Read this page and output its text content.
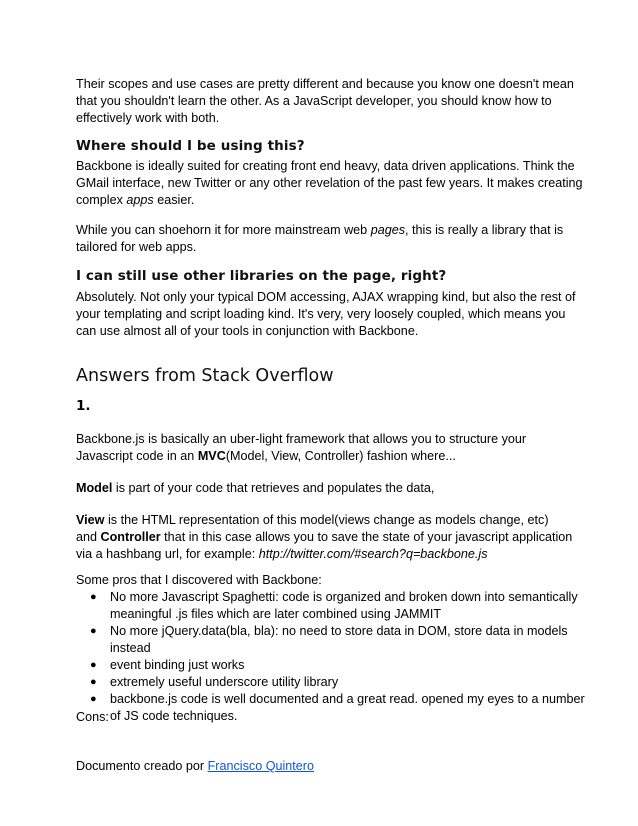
Their scopes and use cases are pretty different and because you know one doesn't mean that you shouldn't learn the other. As a JavaScript developer, you should know how to effectively work with both.

Where should I be using this?

Backbone is ideally suited for creating front end heavy, data driven applications. Think the GMail interface, new Twitter or any other revelation of the past few years. It makes creating complex apps easier.

While you can shoehorn it for more mainstream web pages, this is really a library that is tailored for web apps.

I can still use other libraries on the page, right?

Absolutely. Not only your typical DOM accessing, AJAX wrapping kind, but also the rest of your templating and script loading kind. It's very, very loosely coupled, which means you can use almost all of your tools in conjunction with Backbone.

Answers from Stack Overflow
1.

Backbone.js is basically an uber-light framework that allows you to structure your Javascript code in an MVC(Model, View, Controller) fashion where...

Model is part of your code that retrieves and populates the data,

View is the HTML representation of this model(views change as models change, etc)
and Controller that in this case allows you to save the state of your javascript application via a hashbang url, for example: http://twitter.com/#search?q=backbone.js

Some pros that I discovered with Backbone:

● No more Javascript Spaghetti: code is organized and broken down into semantically meaningful .js files which are later combined using JAMMIT
● No more jQuery.data(bla, bla): no need to store data in DOM, store data in models instead
● event binding just works
● extremely useful underscore utility library
● backbone.js code is well documented and a great read. opened my eyes to a number of JS code techniques.

Cons:

Documento creado por Francisco Quintero
